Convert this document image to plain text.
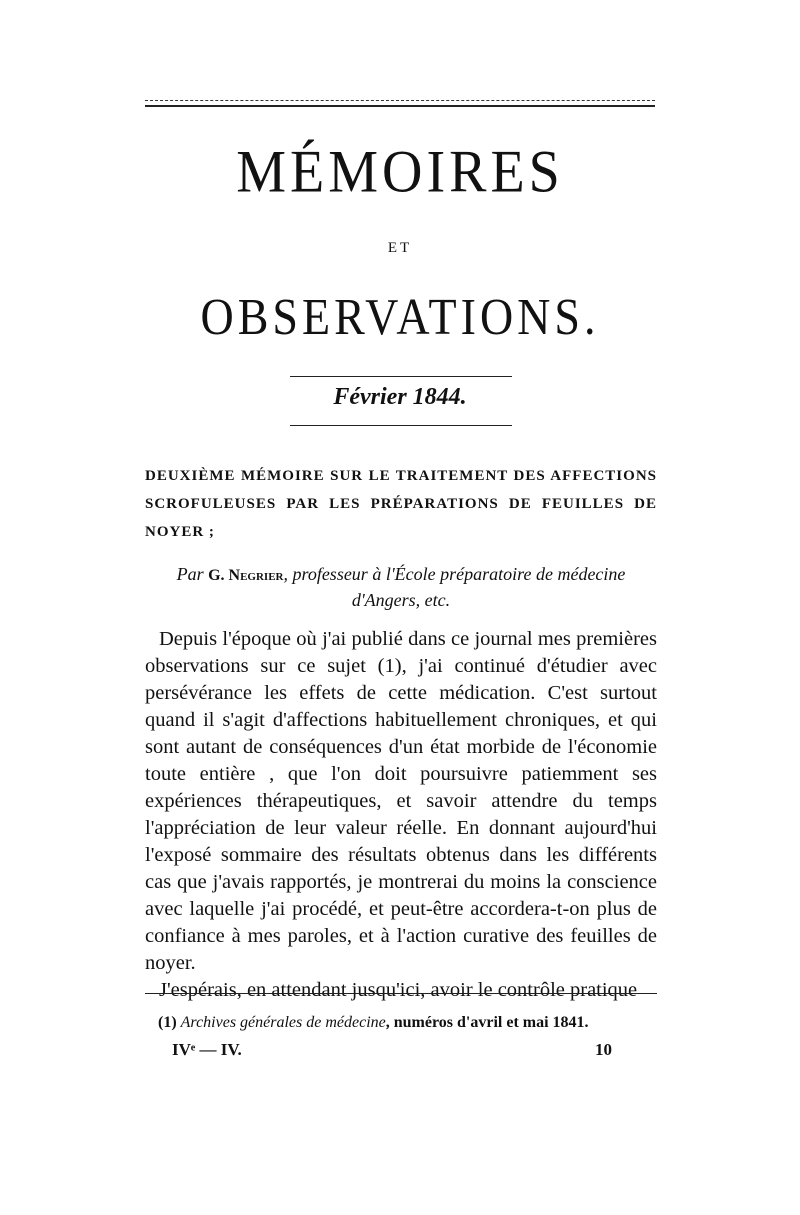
MÉMOIRES
ET
OBSERVATIONS.
Février 1844.
DEUXIÈME MÉMOIRE SUR LE TRAITEMENT DES AFFECTIONS
SCROFULEUSES PAR LES PRÉPARATIONS DE FEUILLES DE
NOYER ;
Par G. Negrier, professeur à l'École préparatoire de médecine
d'Angers, etc.

Depuis l'époque où j'ai publié dans ce journal mes premières observations sur ce sujet (1), j'ai continué d'étudier avec persévérance les effets de cette médication. C'est surtout quand il s'agit d'affections habituellement chroniques, et qui sont autant de conséquences d'un état morbide de l'économie toute entière , que l'on doit poursuivre patiemment ses expériences thérapeutiques, et savoir attendre du temps l'appréciation de leur valeur réelle. En donnant aujourd'hui l'exposé sommaire des résultats obtenus dans les différents cas que j'avais rapportés, je montrerai du moins la conscience avec laquelle j'ai procédé, et peut-être accordera-t-on plus de confiance à mes paroles, et à l'action curative des feuilles de noyer.

J'espérais, en attendant jusqu'ici, avoir le contrôle pratique

(1) Archives générales de médecine, numéros d'avril et mai 1841.
IVᵉ — IV.	10
